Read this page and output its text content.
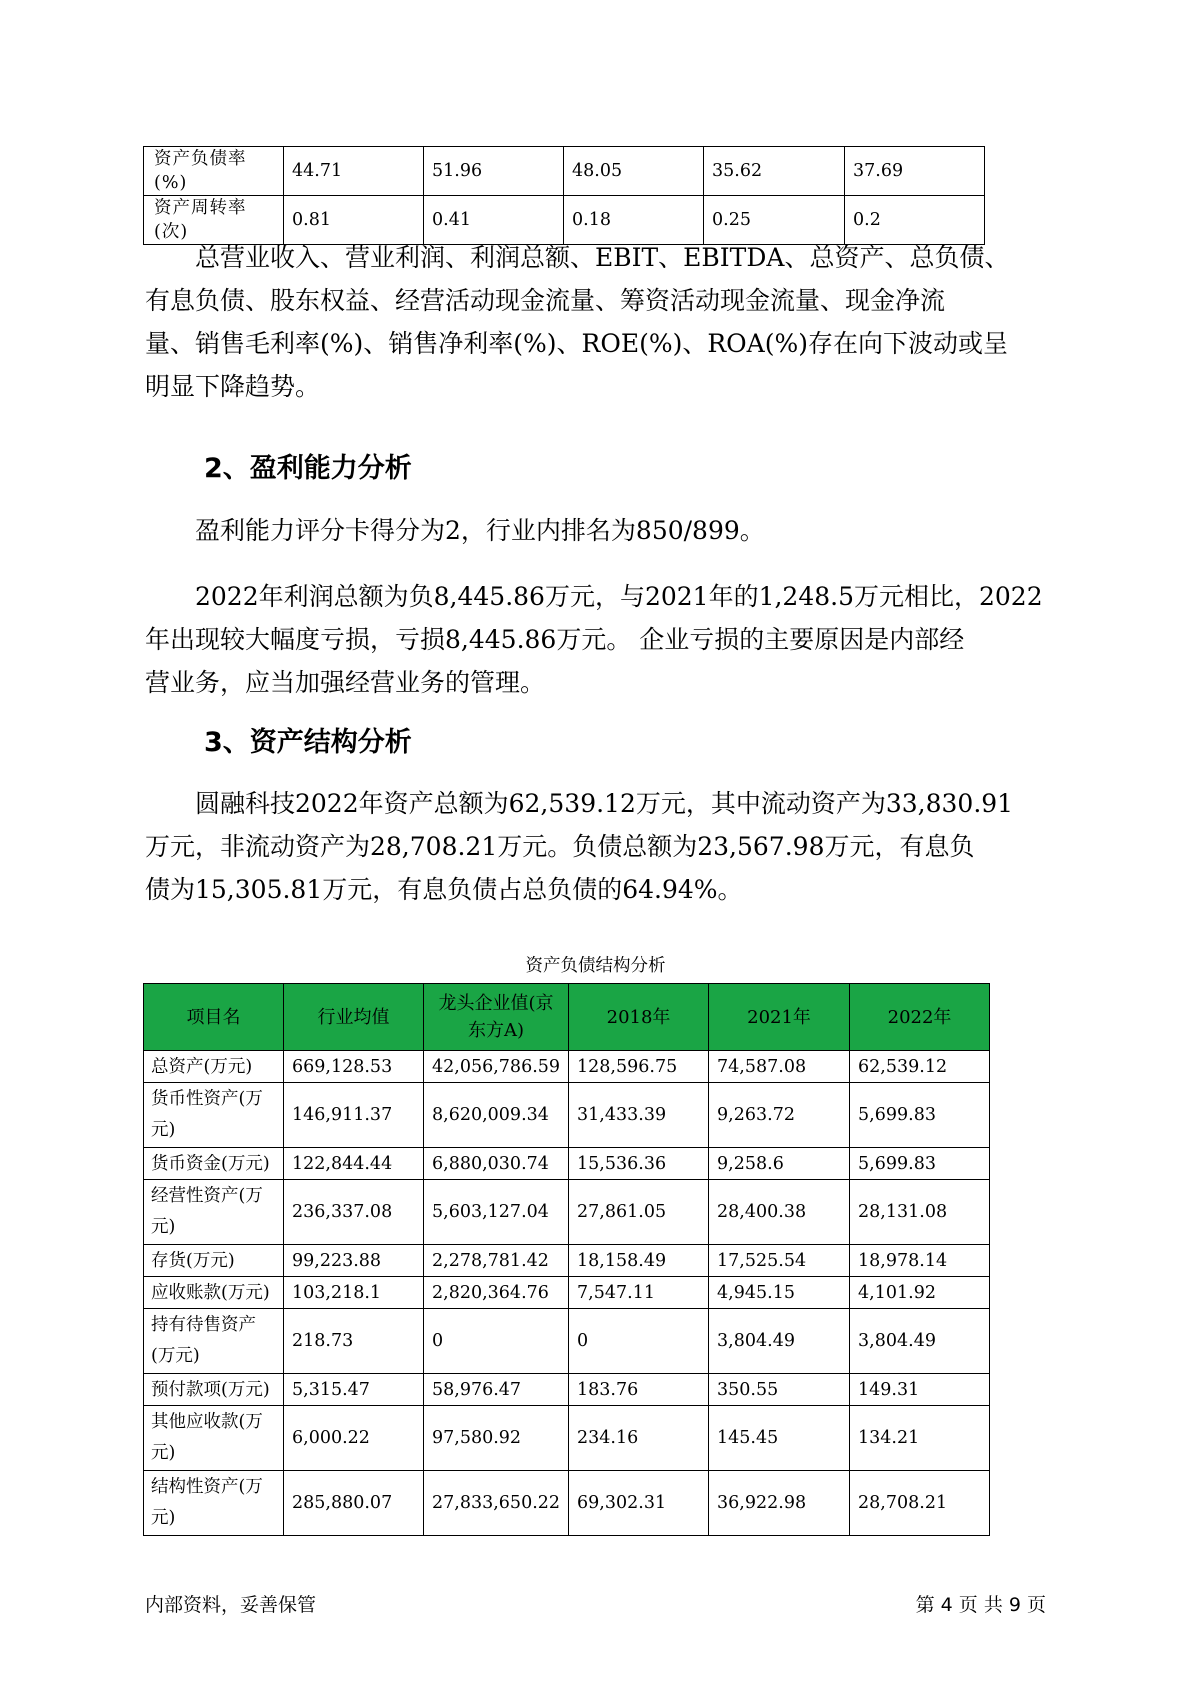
资产负债率(%)	44.71	51.96	48.05	35.62	37.69
资产周转率(次)	0.81	0.41	0.18	0.25	0.2
总营业收入、营业利润、利润总额、EBIT、EBITDA、总资产、总负债、
有息负债、股东权益、经营活动现金流量、筹资活动现金流量、现金净流
量、销售毛利率(%)、销售净利率(%)、ROE(%)、ROA(%)存在向下波动或呈
明显下降趋势。
2、盈利能力分析
盈利能力评分卡得分为2，行业内排名为850/899。
2022年利润总额为负8,445.86万元，与2021年的1,248.5万元相比，2022
年出现较大幅度亏损，亏损8,445.86万元。 企业亏损的主要原因是内部经
营业务，应当加强经营业务的管理。
3、资产结构分析
圆融科技2022年资产总额为62,539.12万元，其中流动资产为33,830.91
万元，非流动资产为28,708.21万元。负债总额为23,567.98万元，有息负
债为15,305.81万元，有息负债占总负债的64.94%。
资产负债结构分析
项目名	行业均值	龙头企业值(京东方A)	2018年	2021年	2022年
总资产(万元)	669,128.53	42,056,786.59	128,596.75	74,587.08	62,539.12
货币性资产(万元)	146,911.37	8,620,009.34	31,433.39	9,263.72	5,699.83
货币资金(万元)	122,844.44	6,880,030.74	15,536.36	9,258.6	5,699.83
经营性资产(万元)	236,337.08	5,603,127.04	27,861.05	28,400.38	28,131.08
存货(万元)	99,223.88	2,278,781.42	18,158.49	17,525.54	18,978.14
应收账款(万元)	103,218.1	2,820,364.76	7,547.11	4,945.15	4,101.92
持有待售资产(万元)	218.73	0	0	3,804.49	3,804.49
预付款项(万元)	5,315.47	58,976.47	183.76	350.55	149.31
其他应收款(万元)	6,000.22	97,580.92	234.16	145.45	134.21
结构性资产(万元)	285,880.07	27,833,650.22	69,302.31	36,922.98	28,708.21
内部资料，妥善保管	第 4 页 共 9 页
